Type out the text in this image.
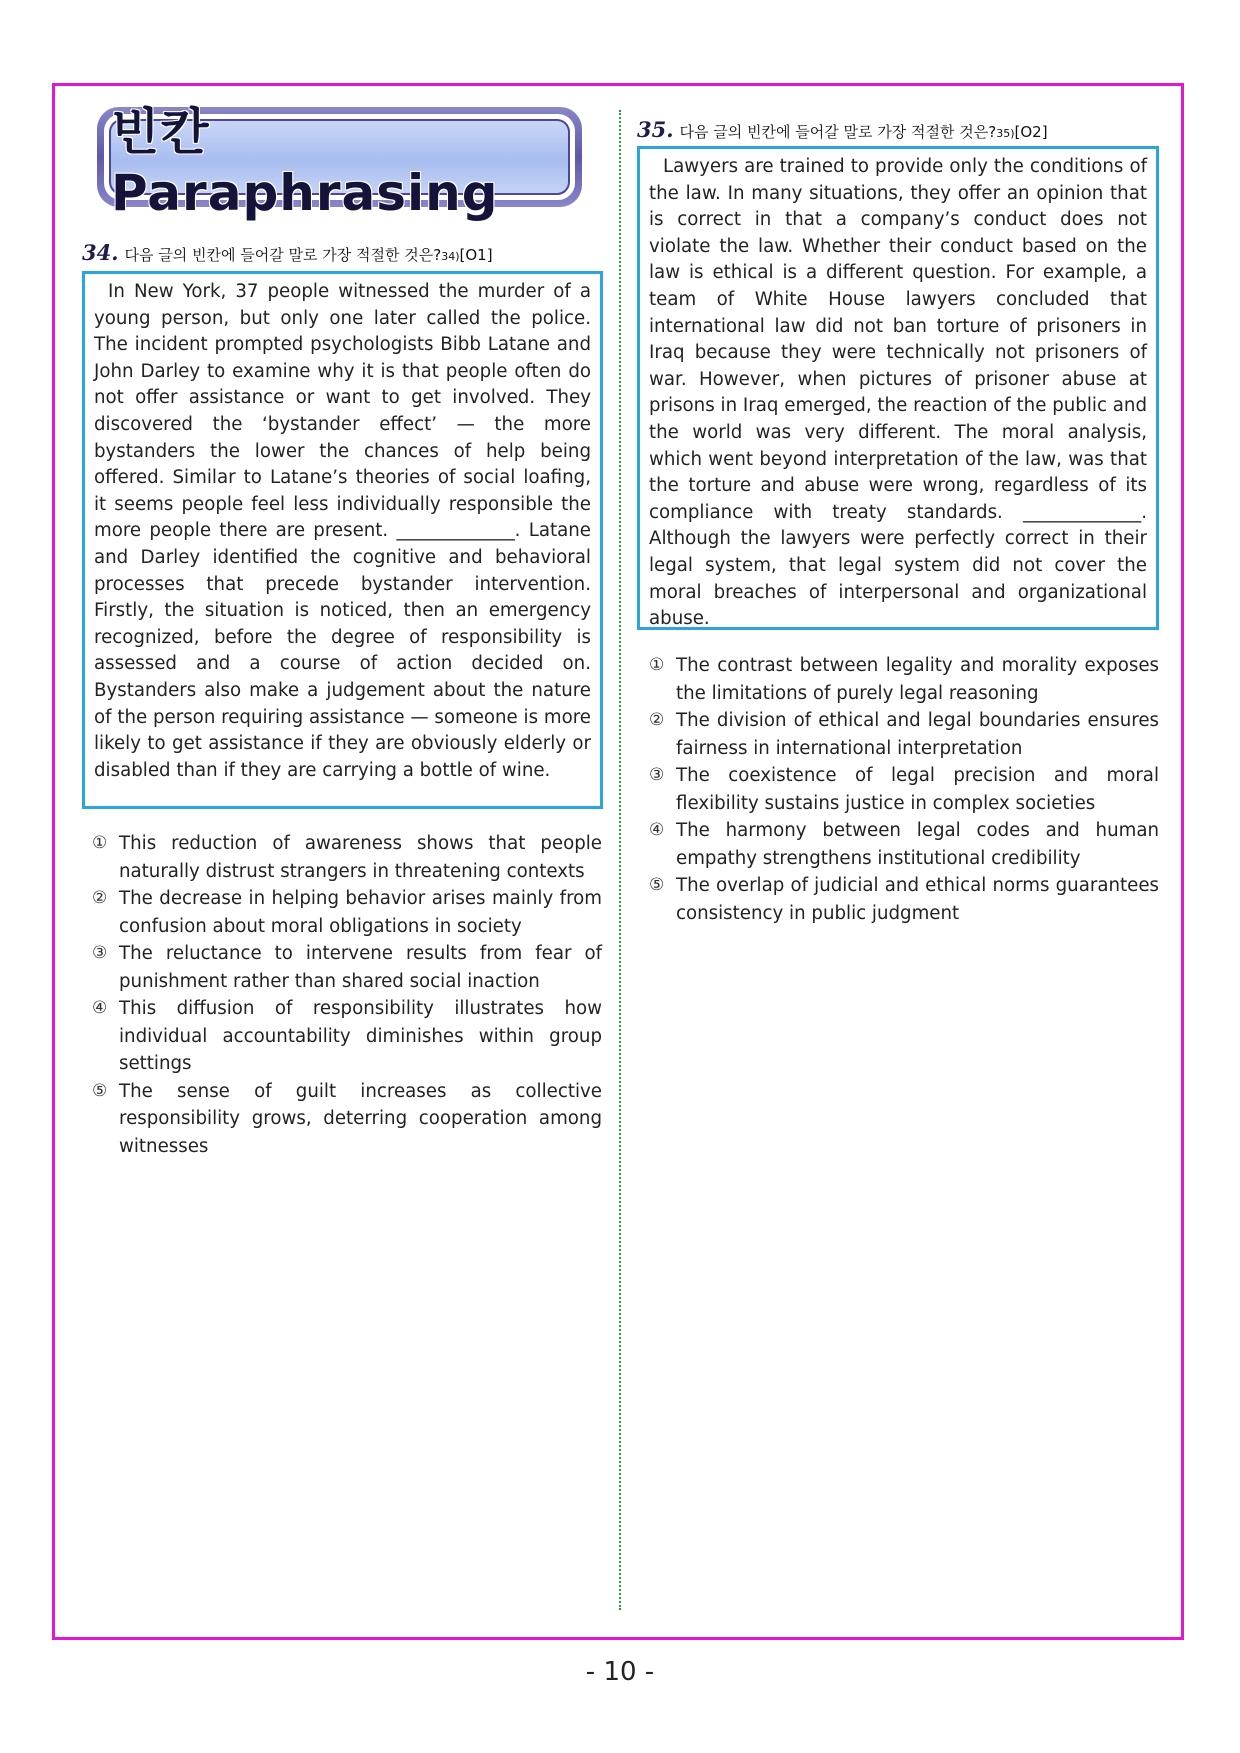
빈칸 Paraphrasing
34. 다음 글의 빈칸에 들어갈 말로 가장 적절한 것은? 34) [O1]

In New York, 37 people witnessed the murder of a young person, but only one later called the police. The incident prompted psychologists Bibb Latane and John Darley to examine why it is that people often do not offer assistance or want to get involved. They discovered the ‘bystander effect’ — the more bystanders the lower the chances of help being offered. Similar to Latane’s theories of social loafing, it seems people feel less individually responsible the more people there are present. _____________. Latane and Darley identified the cognitive and behavioral processes that precede bystander intervention. Firstly, the situation is noticed, then an emergency recognized, before the degree of responsibility is assessed and a course of action decided on. Bystanders also make a judgement about the nature of the person requiring assistance — someone is more likely to get assistance if they are obviously elderly or disabled than if they are carrying a bottle of wine.

① This reduction of awareness shows that people naturally distrust strangers in threatening contexts
② The decrease in helping behavior arises mainly from confusion about moral obligations in society
③ The reluctance to intervene results from fear of punishment rather than shared social inaction
④ This diffusion of responsibility illustrates how individual accountability diminishes within group settings
⑤ The sense of guilt increases as collective responsibility grows, deterring cooperation among witnesses
35. 다음 글의 빈칸에 들어갈 말로 가장 적절한 것은? 35) [O2]

Lawyers are trained to provide only the conditions of the law. In many situations, they offer an opinion that is correct in that a company’s conduct does not violate the law. Whether their conduct based on the law is ethical is a different question. For example, a team of White House lawyers concluded that international law did not ban torture of prisoners in Iraq because they were technically not prisoners of war. However, when pictures of prisoner abuse at prisons in Iraq emerged, the reaction of the public and the world was very different. The moral analysis, which went beyond interpretation of the law, was that the torture and abuse were wrong, regardless of its compliance with treaty standards. _____________. Although the lawyers were perfectly correct in their legal system, that legal system did not cover the moral breaches of interpersonal and organizational abuse.

① The contrast between legality and morality exposes the limitations of purely legal reasoning
② The division of ethical and legal boundaries ensures fairness in international interpretation
③ The coexistence of legal precision and moral flexibility sustains justice in complex societies
④ The harmony between legal codes and human empathy strengthens institutional credibility
⑤ The overlap of judicial and ethical norms guarantees consistency in public judgment
- 10 -
